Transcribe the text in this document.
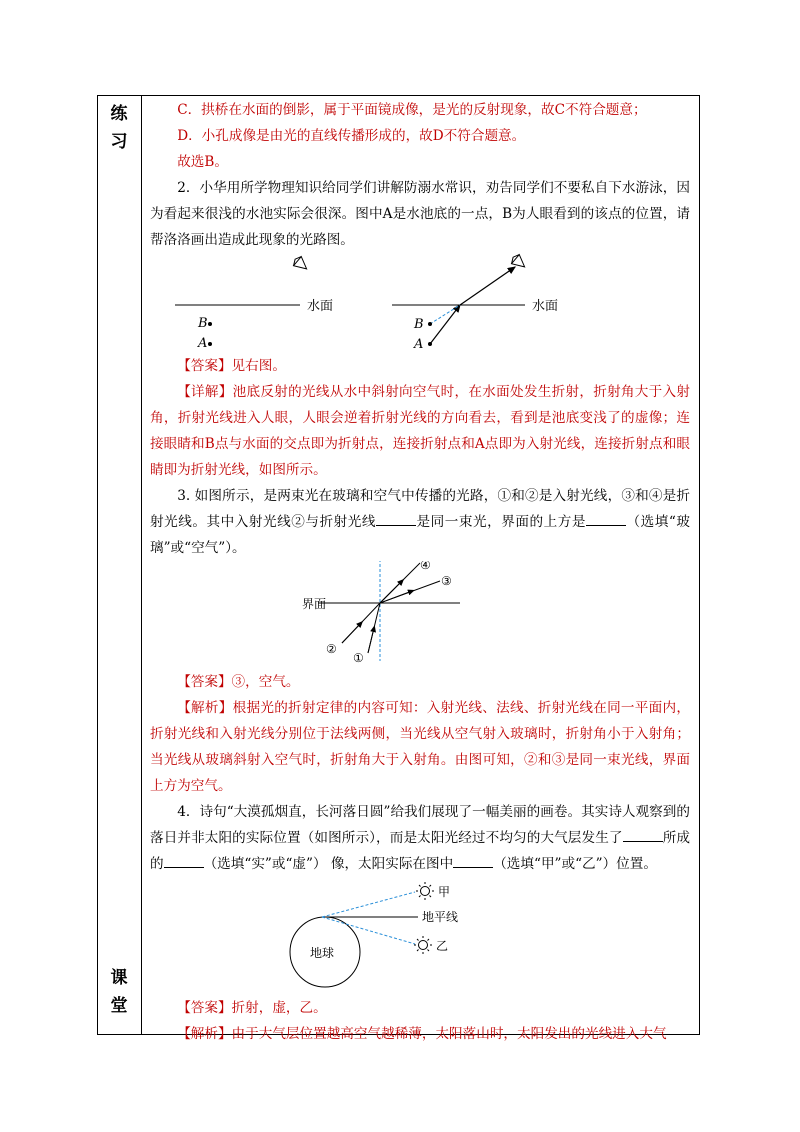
练习
课堂

C．拱桥在水面的倒影，属于平面镜成像，是光的反射现象，故C不符合题意；

D．小孔成像是由光的直线传播形成的，故D不符合题意。

故选B。

2．小华用所学物理知识给同学们讲解防溺水常识，劝告同学们不要私自下水游泳，因为看起来很浅的水池实际会很深。图中A是水池底的一点，B为人眼看到的该点的位置，请帮洛洛画出造成此现象的光路图。

水面
B
A
水面
B
A

【答案】见右图。

【详解】池底反射的光线从水中斜射向空气时，在水面处发生折射，折射角大于入射角，折射光线进入人眼，人眼会逆着折射光线的方向看去，看到是池底变浅了的虚像；连接眼睛和B点与水面的交点即为折射点，连接折射点和A点即为入射光线，连接折射点和眼睛即为折射光线，如图所示。

3. 如图所示，是两束光在玻璃和空气中传播的光路，①和②是入射光线，③和④是折射光线。其中入射光线②与折射光线	是同一束光，界面的上方是	（选填“玻璃”或“空气”）。

界面
①
②
③
④

【答案】③，空气。

【解析】根据光的折射定律的内容可知：入射光线、法线、折射光线在同一平面内，折射光线和入射光线分别位于法线两侧，当光线从空气射入玻璃时，折射角小于入射角；当光线从玻璃斜射入空气时，折射角大于入射角。由图可知，②和③是同一束光线，界面上方为空气。

4．诗句“大漠孤烟直，长河落日圆”给我们展现了一幅美丽的画卷。其实诗人观察到的落日并非太阳的实际位置（如图所示），而是太阳光经过不均匀的大气层发生了	所成的	（选填“实”或“虚”） 像，太阳实际在图中	（选填“甲”或“乙”）位置。

地球
地平线
甲
乙

【答案】折射，虚，乙。

【解析】由于大气层位置越高空气越稀薄，太阳落山时，太阳发出的光线进入大气
